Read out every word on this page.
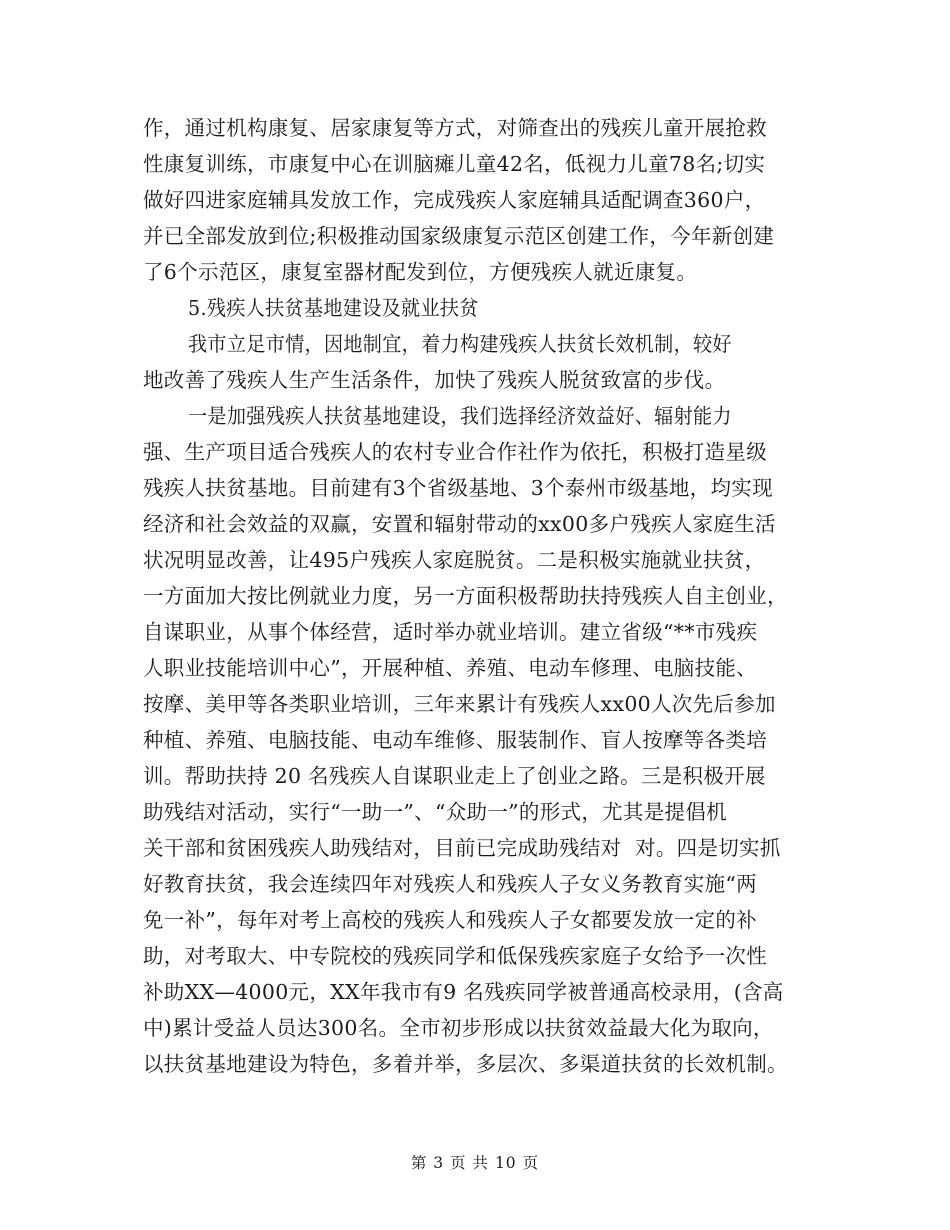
作，通过机构康复、居家康复等方式，对筛查出的残疾儿童开展抢救
性康复训练，市康复中心在训脑瘫儿童42名，低视力儿童78名;切实
做好四进家庭辅具发放工作，完成残疾人家庭辅具适配调查360户，
并已全部发放到位;积极推动国家级康复示范区创建工作，今年新创建
了6个示范区，康复室器材配发到位，方便残疾人就近康复。
5.残疾人扶贫基地建设及就业扶贫
我市立足市情，因地制宜，着力构建残疾人扶贫长效机制，较好
地改善了残疾人生产生活条件，加快了残疾人脱贫致富的步伐。
一是加强残疾人扶贫基地建设，我们选择经济效益好、辐射能力
强、生产项目适合残疾人的农村专业合作社作为依托，积极打造星级
残疾人扶贫基地。目前建有3个省级基地、3个泰州市级基地，均实现
经济和社会效益的双赢，安置和辐射带动的xx00多户残疾人家庭生活
状况明显改善，让495户残疾人家庭脱贫。二是积极实施就业扶贫，
一方面加大按比例就业力度，另一方面积极帮助扶持残疾人自主创业，
自谋职业，从事个体经营，适时举办就业培训。建立省级“**市残疾
人职业技能培训中心”，开展种植、养殖、电动车修理、电脑技能、
按摩、美甲等各类职业培训，三年来累计有残疾人xx00人次先后参加
种植、养殖、电脑技能、电动车维修、服装制作、盲人按摩等各类培
训。帮助扶持 20 名残疾人自谋职业走上了创业之路。三是积极开展
助残结对活动，实行“一助一”、“众助一”的形式，尤其是提倡机
关干部和贫困残疾人助残结对，目前已完成助残结对  对。四是切实抓
好教育扶贫，我会连续四年对残疾人和残疾人子女义务教育实施“两
免一补”，每年对考上高校的残疾人和残疾人子女都要发放一定的补
助，对考取大、中专院校的残疾同学和低保残疾家庭子女给予一次性
补助XX—4000元，XX年我市有9 名残疾同学被普通高校录用，(含高
中)累计受益人员达300名。全市初步形成以扶贫效益最大化为取向，
以扶贫基地建设为特色，多着并举，多层次、多渠道扶贫的长效机制。
第 3 页 共 10 页
